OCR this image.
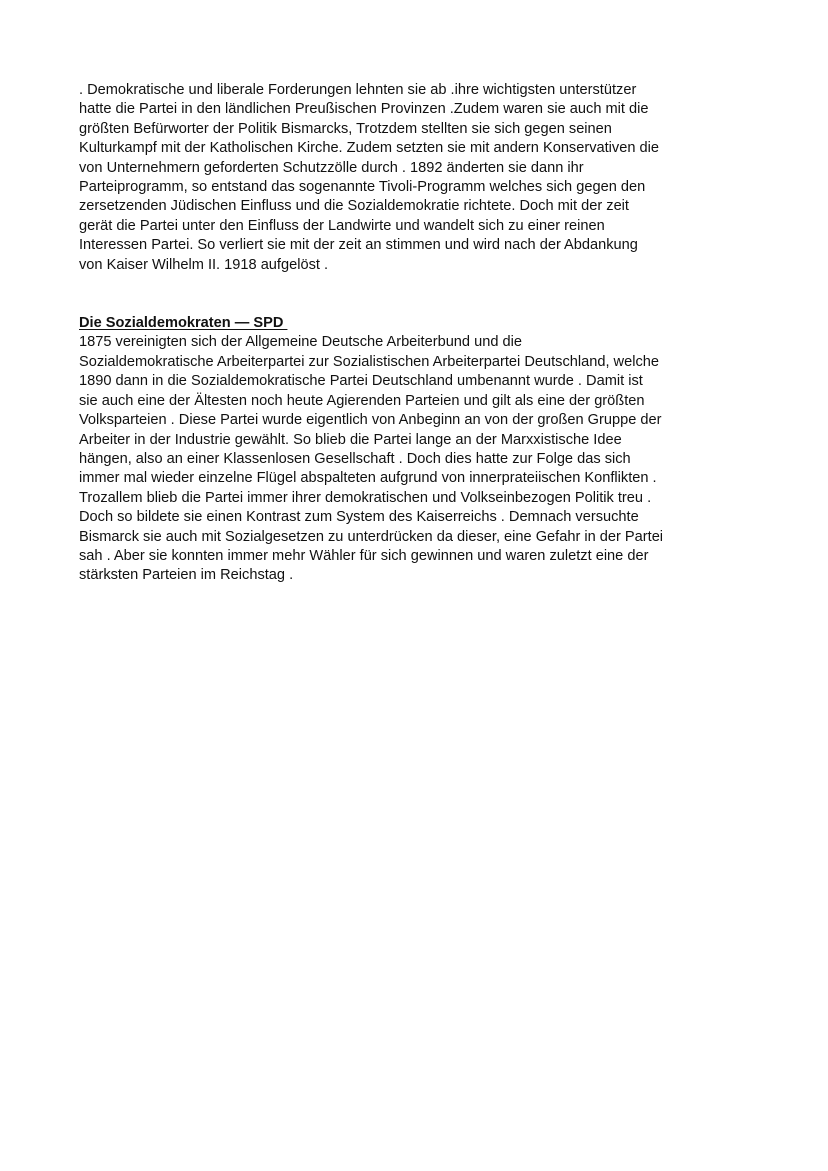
. Demokratische und liberale Forderungen lehnten sie ab .ihre wichtigsten unterstützer
hatte die Partei in den ländlichen Preußischen Provinzen .Zudem waren sie auch mit die
größten Befürworter der Politik Bismarcks, Trotzdem stellten sie sich gegen seinen
Kulturkampf mit der Katholischen Kirche. Zudem setzten sie mit andern Konservativen die
von Unternehmern geforderten Schutzzölle durch . 1892 änderten sie dann ihr
Parteiprogramm, so entstand das sogenannte Tivoli-Programm welches sich gegen den
zersetzenden Jüdischen Einfluss und die Sozialdemokratie richtete. Doch mit der zeit
gerät die Partei unter den Einfluss der Landwirte und wandelt sich zu einer reinen
Interessen Partei. So verliert sie mit der zeit an stimmen und wird nach der Abdankung
von Kaiser Wilhelm II. 1918 aufgelöst .
Die Sozialdemokraten — SPD
1875 vereinigten sich der Allgemeine Deutsche Arbeiterbund und die
Sozialdemokratische Arbeiterpartei zur Sozialistischen Arbeiterpartei Deutschland, welche
1890 dann in die Sozialdemokratische Partei Deutschland umbenannt wurde . Damit ist
sie auch eine der Ältesten noch heute Agierenden Parteien und gilt als eine der größten
Volksparteien . Diese Partei wurde eigentlich von Anbeginn an von der großen Gruppe der
Arbeiter in der Industrie gewählt. So blieb die Partei lange an der Marxxistische Idee
hängen, also an einer Klassenlosen Gesellschaft . Doch dies hatte zur Folge das sich
immer mal wieder einzelne Flügel abspalteten aufgrund von innerprateiischen Konflikten .
Trozallem blieb die Partei immer ihrer demokratischen und Volkseinbezogen Politik treu .
Doch so bildete sie einen Kontrast zum System des Kaiserreichs . Demnach versuchte
Bismarck sie auch mit Sozialgesetzen zu unterdrücken da dieser, eine Gefahr in der Partei
sah . Aber sie konnten immer mehr Wähler für sich gewinnen und waren zuletzt eine der
stärksten Parteien im Reichstag .
